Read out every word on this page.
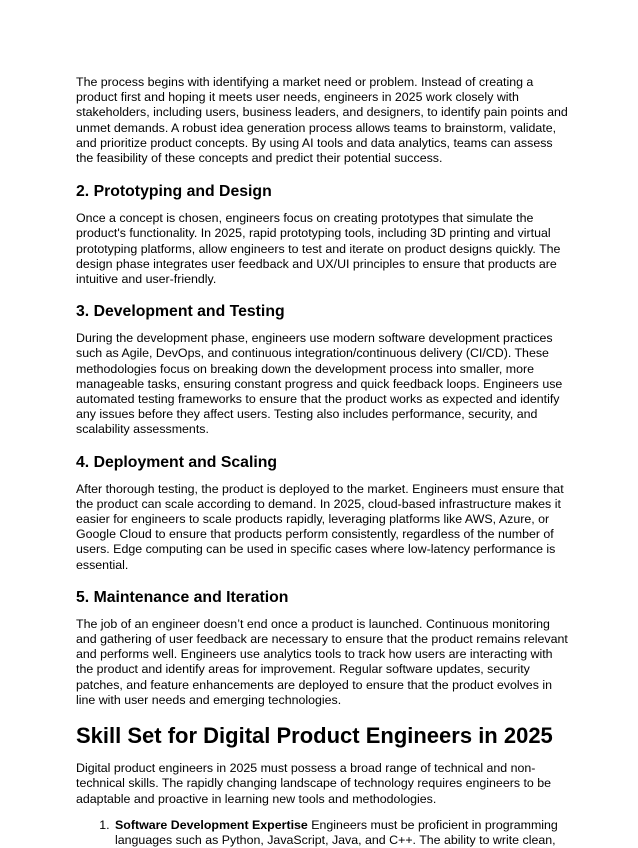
The process begins with identifying a market need or problem. Instead of creating a product first and hoping it meets user needs, engineers in 2025 work closely with stakeholders, including users, business leaders, and designers, to identify pain points and unmet demands. A robust idea generation process allows teams to brainstorm, validate, and prioritize product concepts. By using AI tools and data analytics, teams can assess the feasibility of these concepts and predict their potential success.

2. Prototyping and Design

Once a concept is chosen, engineers focus on creating prototypes that simulate the product's functionality. In 2025, rapid prototyping tools, including 3D printing and virtual prototyping platforms, allow engineers to test and iterate on product designs quickly. The design phase integrates user feedback and UX/UI principles to ensure that products are intuitive and user-friendly.

3. Development and Testing

During the development phase, engineers use modern software development practices such as Agile, DevOps, and continuous integration/continuous delivery (CI/CD). These methodologies focus on breaking down the development process into smaller, more manageable tasks, ensuring constant progress and quick feedback loops. Engineers use automated testing frameworks to ensure that the product works as expected and identify any issues before they affect users. Testing also includes performance, security, and scalability assessments.

4. Deployment and Scaling

After thorough testing, the product is deployed to the market. Engineers must ensure that the product can scale according to demand. In 2025, cloud-based infrastructure makes it easier for engineers to scale products rapidly, leveraging platforms like AWS, Azure, or Google Cloud to ensure that products perform consistently, regardless of the number of users. Edge computing can be used in specific cases where low-latency performance is essential.

5. Maintenance and Iteration

The job of an engineer doesn’t end once a product is launched. Continuous monitoring and gathering of user feedback are necessary to ensure that the product remains relevant and performs well. Engineers use analytics tools to track how users are interacting with the product and identify areas for improvement. Regular software updates, security patches, and feature enhancements are deployed to ensure that the product evolves in line with user needs and emerging technologies.

Skill Set for Digital Product Engineers in 2025

Digital product engineers in 2025 must possess a broad range of technical and non-technical skills. The rapidly changing landscape of technology requires engineers to be adaptable and proactive in learning new tools and methodologies.

1. Software Development Expertise Engineers must be proficient in programming languages such as Python, JavaScript, Java, and C++. The ability to write clean,
